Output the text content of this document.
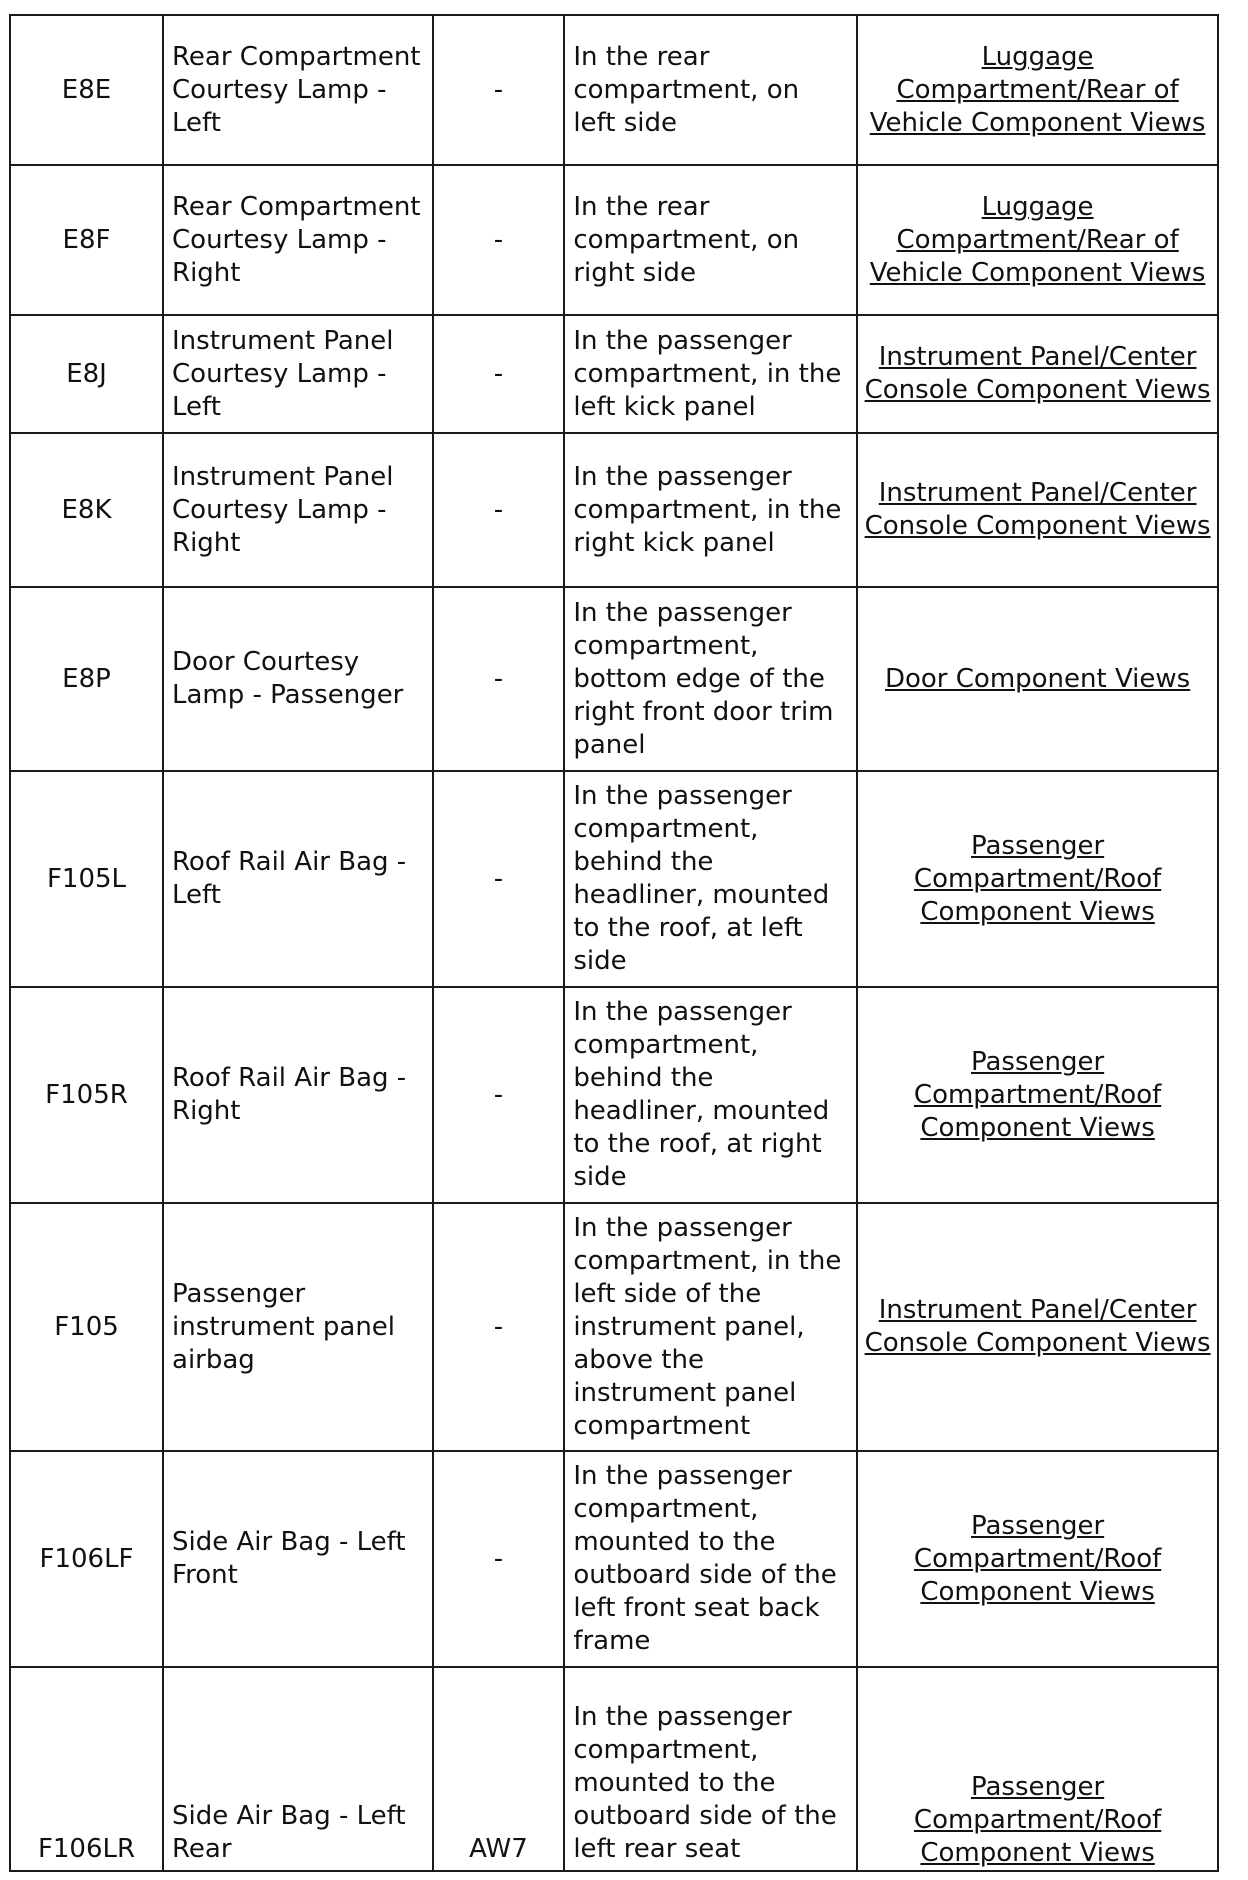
E8E	Rear Compartment Courtesy Lamp - Left	-	In the rear compartment, on left side	Luggage Compartment/Rear of Vehicle Component Views
E8F	Rear Compartment Courtesy Lamp - Right	-	In the rear compartment, on right side	Luggage Compartment/Rear of Vehicle Component Views
E8J	Instrument Panel Courtesy Lamp - Left	-	In the passenger compartment, in the left kick panel	Instrument Panel/Center Console Component Views
E8K	Instrument Panel Courtesy Lamp - Right	-	In the passenger compartment, in the right kick panel	Instrument Panel/Center Console Component Views
E8P	Door Courtesy Lamp - Passenger	-	In the passenger compartment, bottom edge of the right front door trim panel	Door Component Views
F105L	Roof Rail Air Bag - Left	-	In the passenger compartment, behind the headliner, mounted to the roof, at left side	Passenger Compartment/Roof Component Views
F105R	Roof Rail Air Bag - Right	-	In the passenger compartment, behind the headliner, mounted to the roof, at right side	Passenger Compartment/Roof Component Views
F105	Passenger instrument panel airbag	-	In the passenger compartment, in the left side of the instrument panel, above the instrument panel compartment	Instrument Panel/Center Console Component Views
F106LF	Side Air Bag - Left Front	-	In the passenger compartment, mounted to the outboard side of the left front seat back frame	Passenger Compartment/Roof Component Views
F106LR	Side Air Bag - Left Rear	AW7	In the passenger compartment, mounted to the outboard side of the left rear seat	Passenger Compartment/Roof Component Views
